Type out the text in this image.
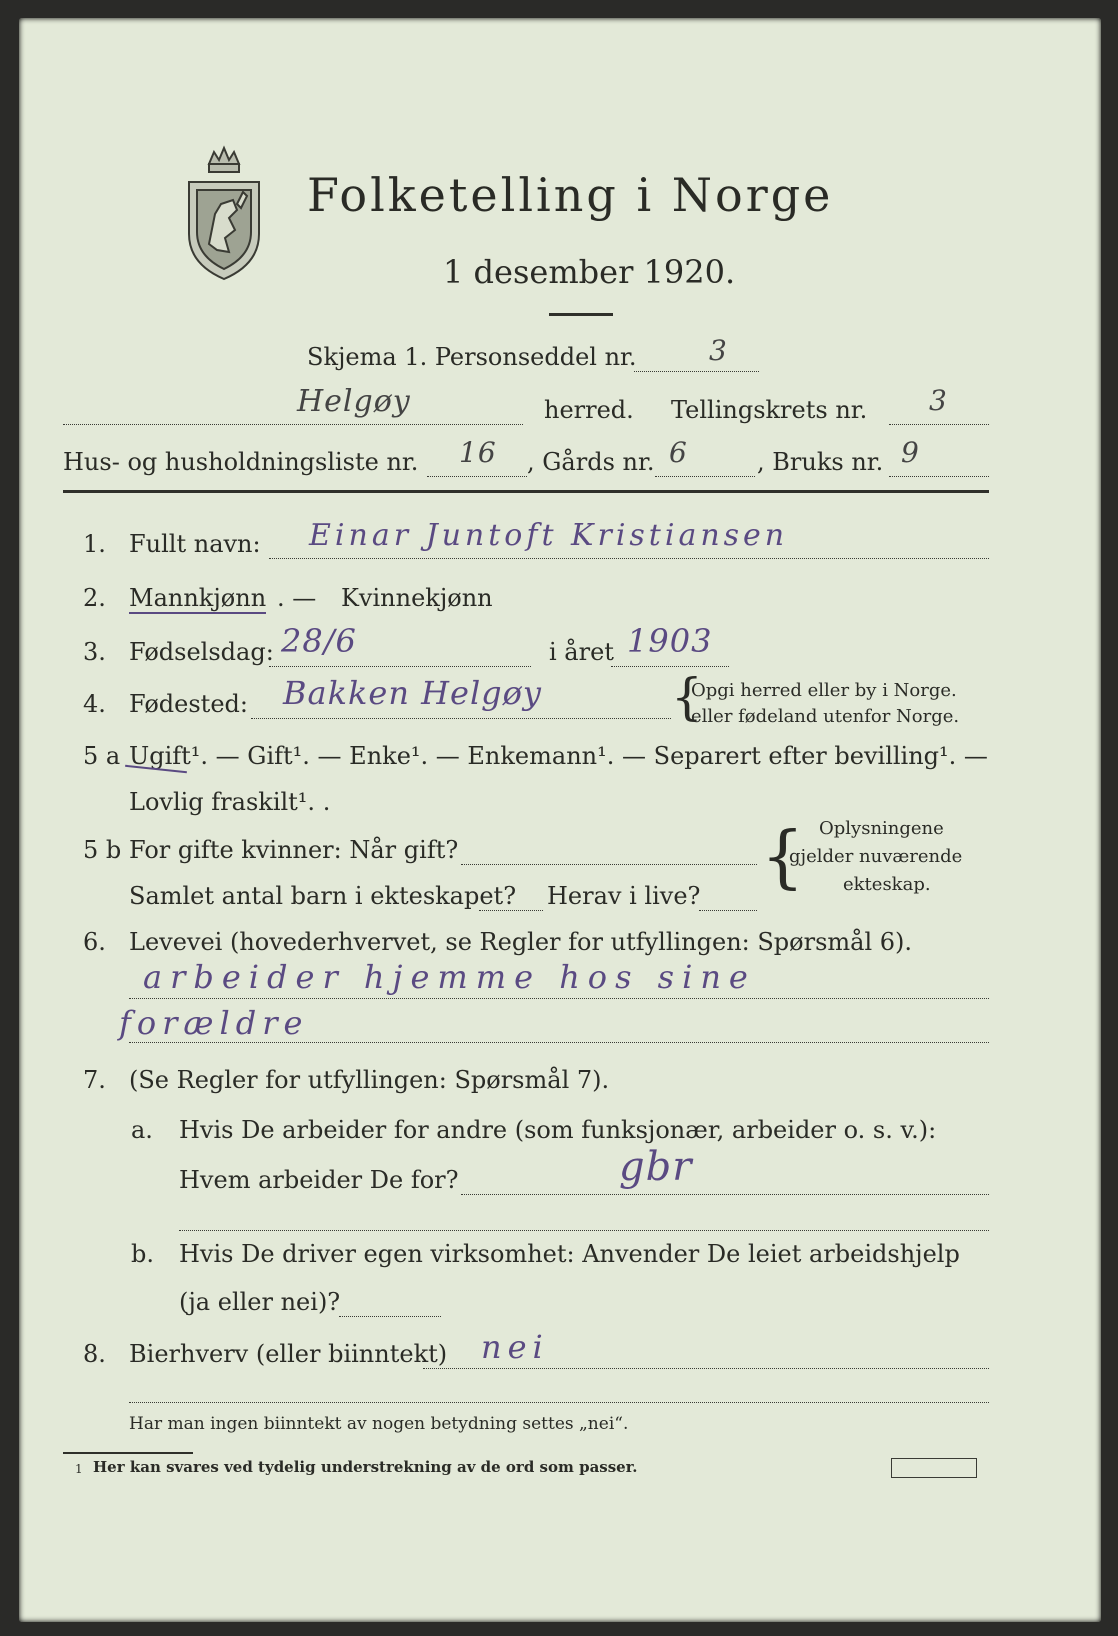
Folketelling i Norge
1 desember 1920.
Skjema 1. Personseddel nr.	3
Helgøy	herred. Tellingskrets nr. 3
Hus- og husholdningsliste nr. 16 , Gårds nr. 6	, Bruks nr. 9
1. Fullt navn: Einar Juntoft Kristiansen
2. Mannkjønn . — Kvinnekjønn
3. Fødselsdag: 28/6	i året 1903
4. Fødested: Bakken Helgøy	{
Opgi herred eller by i Norge.
eller fødeland utenfor Norge.
5 a Ugift¹. — Gift¹. — Enke¹. — Enkemann¹. — Separert efter bevilling¹. —
Lovlig fraskilt¹. .
5 b For gifte kvinner: Når gift?
Samlet antal barn i ekteskapet? Herav i live? { Oplysningene
gjelder nuværende
ekteskap.
6. Levevei (hovederhvervet, se Regler for utfyllingen: Spørsmål 6).
arbeider hjemme hos sine
forældre
7. (Se Regler for utfyllingen: Spørsmål 7).
a. Hvis De arbeider for andre (som funksjonær, arbeider o. s. v.):
Hvem arbeider De for?	gbr
b. Hvis De driver egen virksomhet: Anvender De leiet arbeidshjelp
(ja eller nei)?
8. Bierhverv (eller biinntekt) nei
Har man ingen biinntekt av nogen betydning settes „nei“.
1 Her kan svares ved tydelig understrekning av de ord som passer.
